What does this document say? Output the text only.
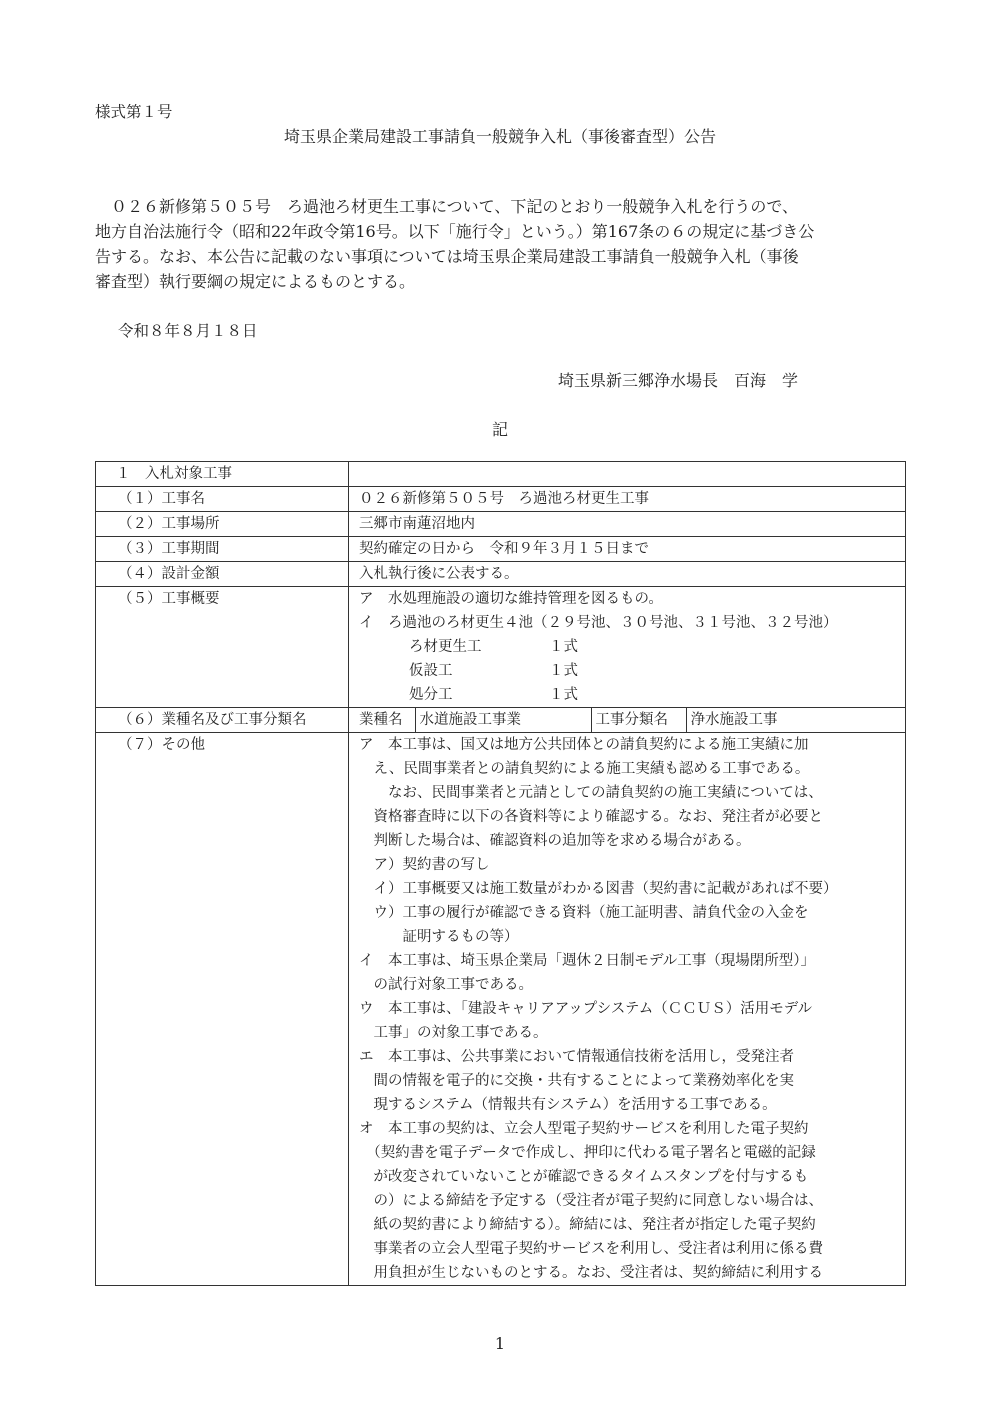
様式第１号
埼玉県企業局建設工事請負一般競争入札（事後審査型）公告
　０２６新修第５０５号　ろ過池ろ材更生工事について、下記のとおり一般競争入札を行うので、
地方自治法施行令（昭和22年政令第16号。以下「施行令」という。）第167条の６の規定に基づき公
告する。なお、本公告に記載のない事項については埼玉県企業局建設工事請負一般競争入札（事後
審査型）執行要綱の規定によるものとする。
令和８年８月１８日
埼玉県新三郷浄水場長　百海　学
記
１　入札対象工事	
（１）工事名	０２６新修第５０５号　ろ過池ろ材更生工事
（２）工事場所	三郷市南蓮沼地内
（３）工事期間	契約確定の日から　令和９年３月１５日まで
（４）設計金額	入札執行後に公表する。
（５）工事概要	ア　水処理施設の適切な維持管理を図るもの。
イ　ろ過池のろ材更生４池（２９号池、３０号池、３１号池、３２号池）
ろ材更生工	１式
仮設工	１式
処分工	１式

（６）業種名及び工事分類名		業種名	水道施設工事業	工事分類名	浄水施設工事

（７）その他	ア　本工事は、国又は地方公共団体との請負契約による施工実績に加
　え、民間事業者との請負契約による施工実績も認める工事である。
　　なお、民間事業者と元請としての請負契約の施工実績については、
　資格審査時に以下の各資料等により確認する。なお、発注者が必要と
　判断した場合は、確認資料の追加等を求める場合がある。
　ア）契約書の写し
　イ）工事概要又は施工数量がわかる図書（契約書に記載があれば不要）
　ウ）工事の履行が確認できる資料（施工証明書、請負代金の入金を
　　　証明するもの等）
イ　本工事は、埼玉県企業局「週休２日制モデル工事（現場閉所型）」
　の試行対象工事である。
ウ　本工事は、「建設キャリアアップシステム（ＣＣＵＳ）活用モデル
　工事」の対象工事である。
エ　本工事は、公共事業において情報通信技術を活用し，受発注者
　間の情報を電子的に交換・共有することによって業務効率化を実
　現するシステム（情報共有システム）を活用する工事である。
オ　本工事の契約は、立会人型電子契約サービスを利用した電子契約
　（契約書を電子データで作成し、押印に代わる電子署名と電磁的記録
　が改変されていないことが確認できるタイムスタンプを付与するも
　の）による締結を予定する（受注者が電子契約に同意しない場合は、
　紙の契約書により締結する）。締結には、発注者が指定した電子契約
　事業者の立会人型電子契約サービスを利用し、受注者は利用に係る費
　用負担が生じないものとする。なお、受注者は、契約締結に利用する
1
